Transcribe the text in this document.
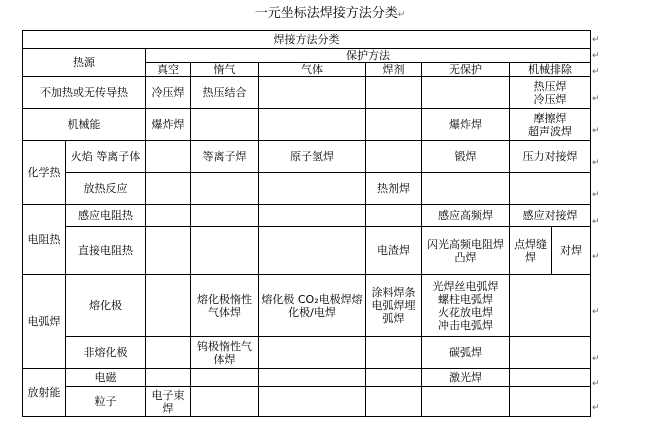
一元坐标法焊接方法分类↵
焊接方法分类								
热源		保护方法						
		真空	惰气	气体	焊剂	无保护	机械排除	
不加热或无传导热		冷压焊	热压结合				热压焊
冷压焊	
机械能		爆炸焊				爆炸焊	摩擦焊
超声波焊	
化学热	火焰 等离子体		等离子焊	原子氢焊		锻焊	压力对接焊	
	放热反应				热剂焊			
电阻热	感应电阻热					感应高频焊	感应对接焊	
	直接电阻热				电渣焊	闪光高频电阻焊 凸焊	点焊缝焊	对焊
电弧焊	熔化极		熔化极惰性气体焊	熔化极 CO₂电极焊熔化极/电焊	涂料焊条电弧焊埋弧焊	光焊丝电弧焊
螺柱电弧焊
火花放电焊
冲击电弧焊		
	非熔化极		钨极惰性气体焊			碳弧焊		
放射能	电磁					激光焊		
	粒子	电子束焊						
↵
↵
↵
↵
↵
↵
↵
↵
↵
↵
↵
↵
↵
